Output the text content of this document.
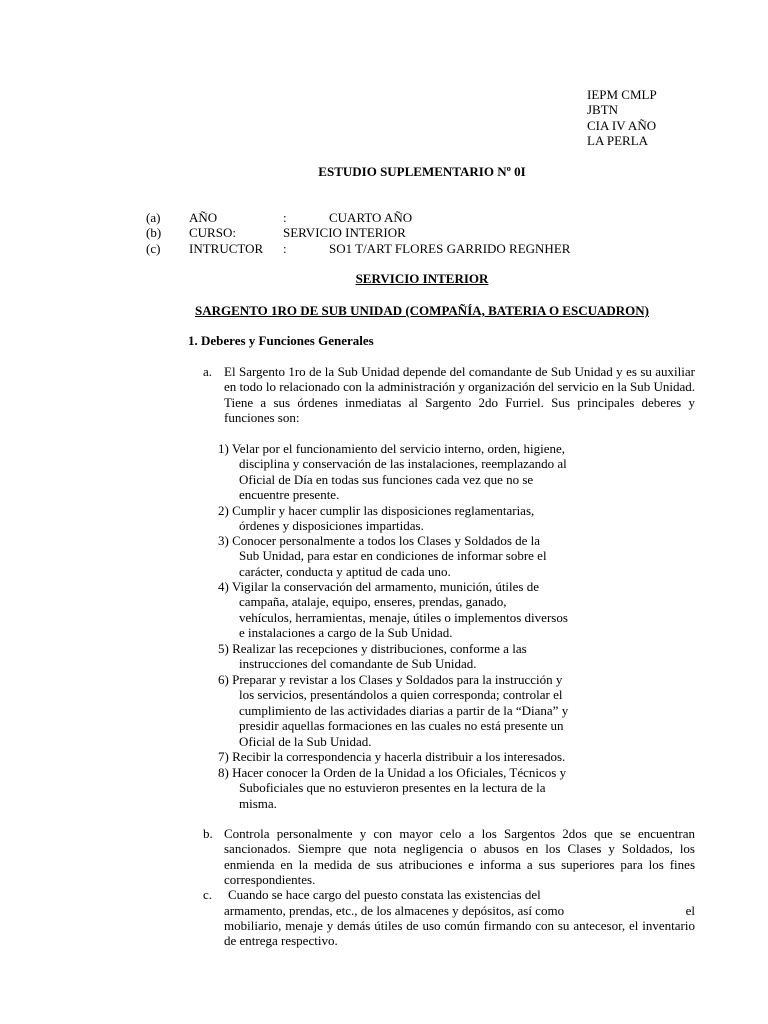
IEPM CMLP
JBTN
CIA IV AÑO
LA PERLA
ESTUDIO SUPLEMENTARIO Nº 0I
(a) AÑO	:	CUARTO AÑO
(b) CURSO:	SERVICIO INTERIOR
(c) INTRUCTOR :	SO1 T/ART FLORES GARRIDO REGNHER
SERVICIO INTERIOR
SARGENTO 1RO DE SUB UNIDAD (COMPAÑÍA, BATERIA O ESCUADRON)
1. Deberes y Funciones Generales
a. El Sargento 1ro de la Sub Unidad depende del comandante de Sub Unidad y es su auxiliar en todo lo relacionado con la administración y organización del servicio en la Sub Unidad. Tiene a sus órdenes inmediatas al Sargento 2do Furriel. Sus principales deberes y funciones son:
1) Velar por el funcionamiento del servicio interno, orden, higiene,
disciplina y conservación de las instalaciones, reemplazando al
Oficial de Día en todas sus funciones cada vez que no se
encuentre presente.
2) Cumplir y hacer cumplir las disposiciones reglamentarias,
órdenes y disposiciones impartidas.
3) Conocer personalmente a todos los Clases y Soldados de la
Sub Unidad, para estar en condiciones de informar sobre el
carácter, conducta y aptitud de cada uno.
4) Vigilar la conservación del armamento, munición, útiles de
campaña, atalaje, equipo, enseres, prendas, ganado,
vehículos, herramientas, menaje, útiles o implementos diversos
e instalaciones a cargo de la Sub Unidad.
5) Realizar las recepciones y distribuciones, conforme a las
instrucciones del comandante de Sub Unidad.
6) Preparar y revistar a los Clases y Soldados para la instrucción y
los servicios, presentándolos a quien corresponda; controlar el
cumplimiento de las actividades diarias a partir de la “Diana” y
presidir aquellas formaciones en las cuales no está presente un
Oficial de la Sub Unidad.
7) Recibir la correspondencia y hacerla distribuir a los interesados.
8) Hacer conocer la Orden de la Unidad a los Oficiales, Técnicos y
Suboficiales que no estuvieron presentes en la lectura de la
misma.
b. Controla personalmente y con mayor celo a los Sargentos 2dos que se encuentran sancionados. Siempre que nota negligencia o abusos en los Clases y Soldados, los enmienda en la medida de sus atribuciones e informa a sus superiores para los fines correspondientes.
c. Cuando se hace cargo del puesto constata las existencias del
armamento, prendas, etc., de los almacenes y depósitos, así como	el
mobiliario, menaje y demás útiles de uso común firmando con su antecesor, el inventario de entrega respectivo.
